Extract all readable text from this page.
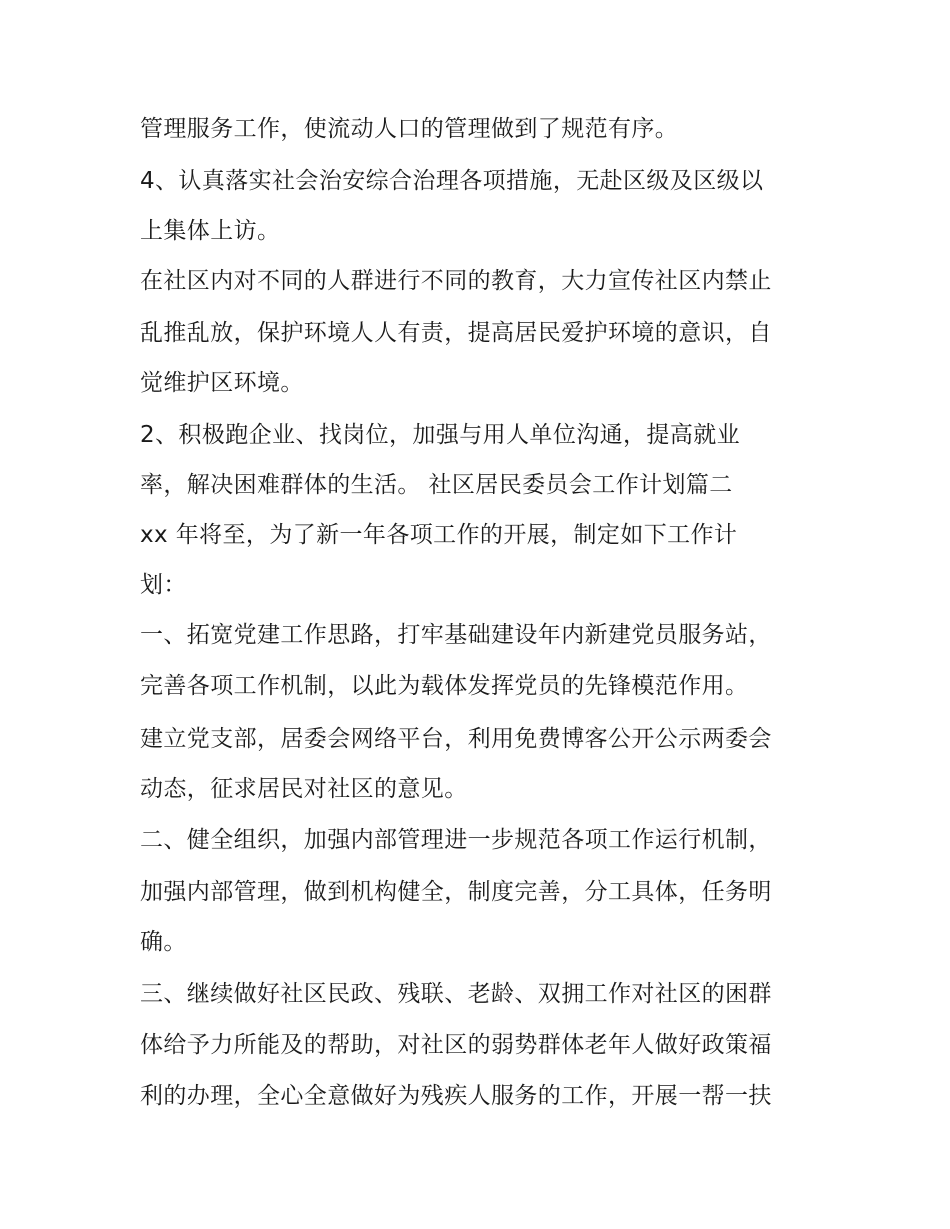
管理服务工作，使流动人口的管理做到了规范有序。
4、认真落实社会治安综合治理各项措施，无赴区级及区级以
上集体上访。
在社区内对不同的人群进行不同的教育，大力宣传社区内禁止
乱推乱放，保护环境人人有责，提高居民爱护环境的意识，自
觉维护区环境。
2、积极跑企业、找岗位，加强与用人单位沟通，提高就业
率，解决困难群体的生活。 社区居民委员会工作计划篇二
xx 年将至，为了新一年各项工作的开展，制定如下工作计
划：
一、拓宽党建工作思路，打牢基础建设年内新建党员服务站，
完善各项工作机制，以此为载体发挥党员的先锋模范作用。
建立党支部，居委会网络平台，利用免费博客公开公示两委会
动态，征求居民对社区的意见。
二、健全组织，加强内部管理进一步规范各项工作运行机制，
加强内部管理，做到机构健全，制度完善，分工具体，任务明
确。
三、继续做好社区民政、残联、老龄、双拥工作对社区的困群
体给予力所能及的帮助，对社区的弱势群体老年人做好政策福
利的办理，全心全意做好为残疾人服务的工作，开展一帮一扶
